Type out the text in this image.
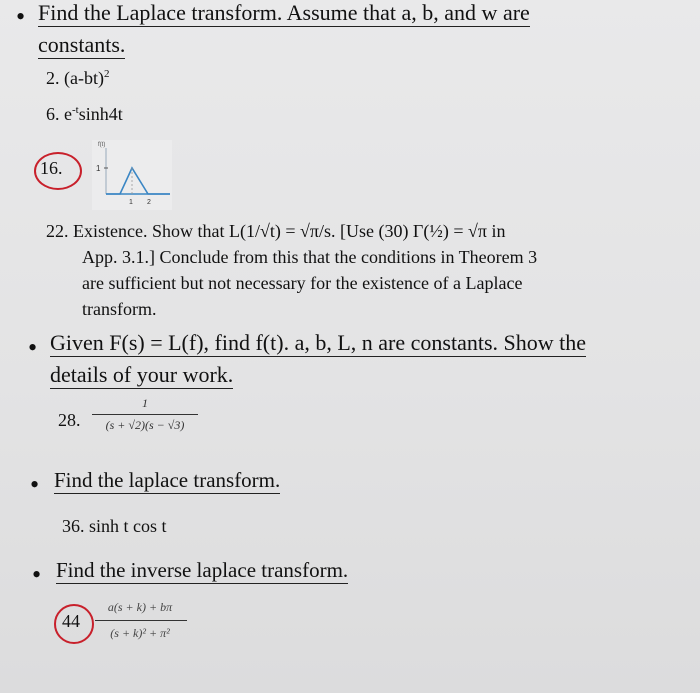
• Find the Laplace transform. Assume that a, b, and w are
constants.
2. $(a-bt)^2$
6. $e^{-t}\sinh 4t$
16.
f(t)
1
1 2
22. Existence. Show that L(1/√t) = √π/s. [Use (30) Γ(½) = √π in
App. 3.1.] Conclude from this that the conditions in Theorem 3
are sufficient but not necessary for the existence of a Laplace
transform.
• Given F(s) = L(f), find f(t). a, b, L, n are constants. Show the
details of your work.
28.
1
(s + √2)(s − √3)
• Find the laplace transform.
36. sinh t cos t
• Find the inverse laplace transform.
44
a(s + k) + bπ
(s + k)² + π²
